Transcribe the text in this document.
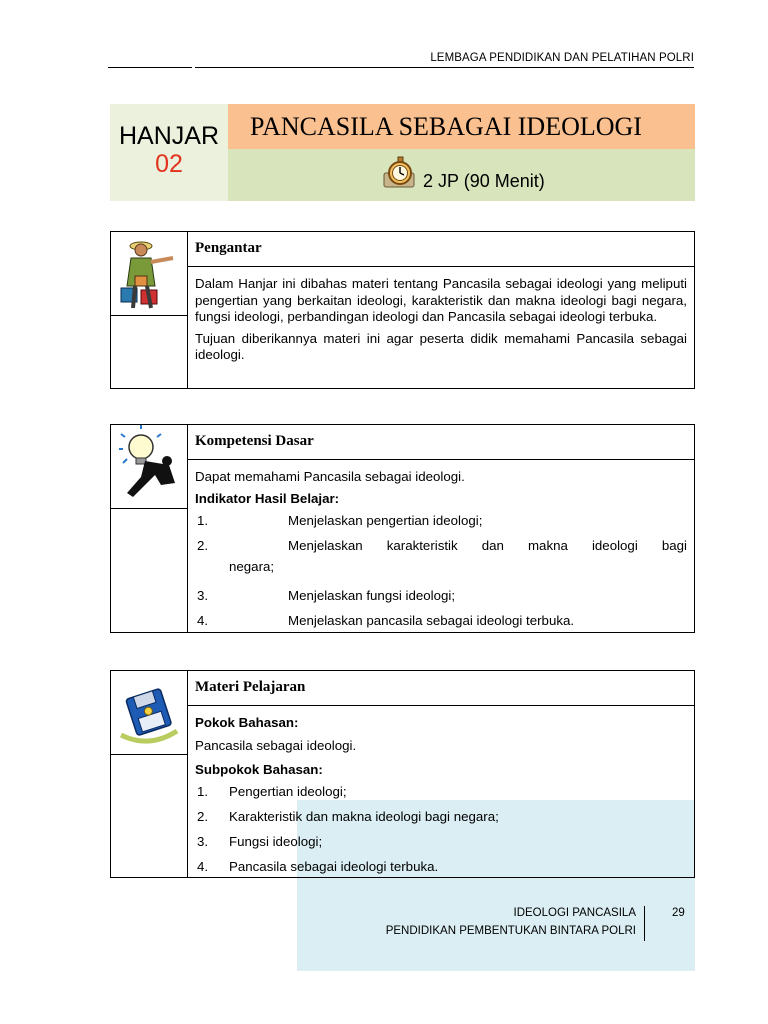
LEMBAGA PENDIDIKAN DAN PELATIHAN POLRI
HANJAR
02
PANCASILA SEBAGAI IDEOLOGI
2 JP (90 Menit)
Pengantar

Dalam Hanjar ini dibahas materi tentang Pancasila sebagai ideologi yang meliputi pengertian yang berkaitan ideologi, karakteristik dan makna ideologi bagi negara, fungsi ideologi, perbandingan ideologi dan Pancasila sebagai ideologi terbuka.

Tujuan diberikannya materi ini agar peserta didik memahami Pancasila sebagai ideologi.

Kompetensi Dasar
Dapat memahami Pancasila sebagai ideologi.
Indikator Hasil Belajar:
1.	Menjelaskan pengertian ideologi;
2.	Menjelaskan karakteristik dan makna ideologi bagi
negara;
3.	Menjelaskan fungsi ideologi;
4.	Menjelaskan pancasila sebagai ideologi terbuka.
Materi Pelajaran
Pokok Bahasan:
Pancasila sebagai ideologi.
Subpokok Bahasan:
1. Pengertian ideologi;
2. Karakteristik dan makna ideologi bagi negara;
3. Fungsi ideologi;
4. Pancasila sebagai ideologi terbuka.
IDEOLOGI PANCASILA
PENDIDIKAN PEMBENTUKAN BINTARA POLRI
29
